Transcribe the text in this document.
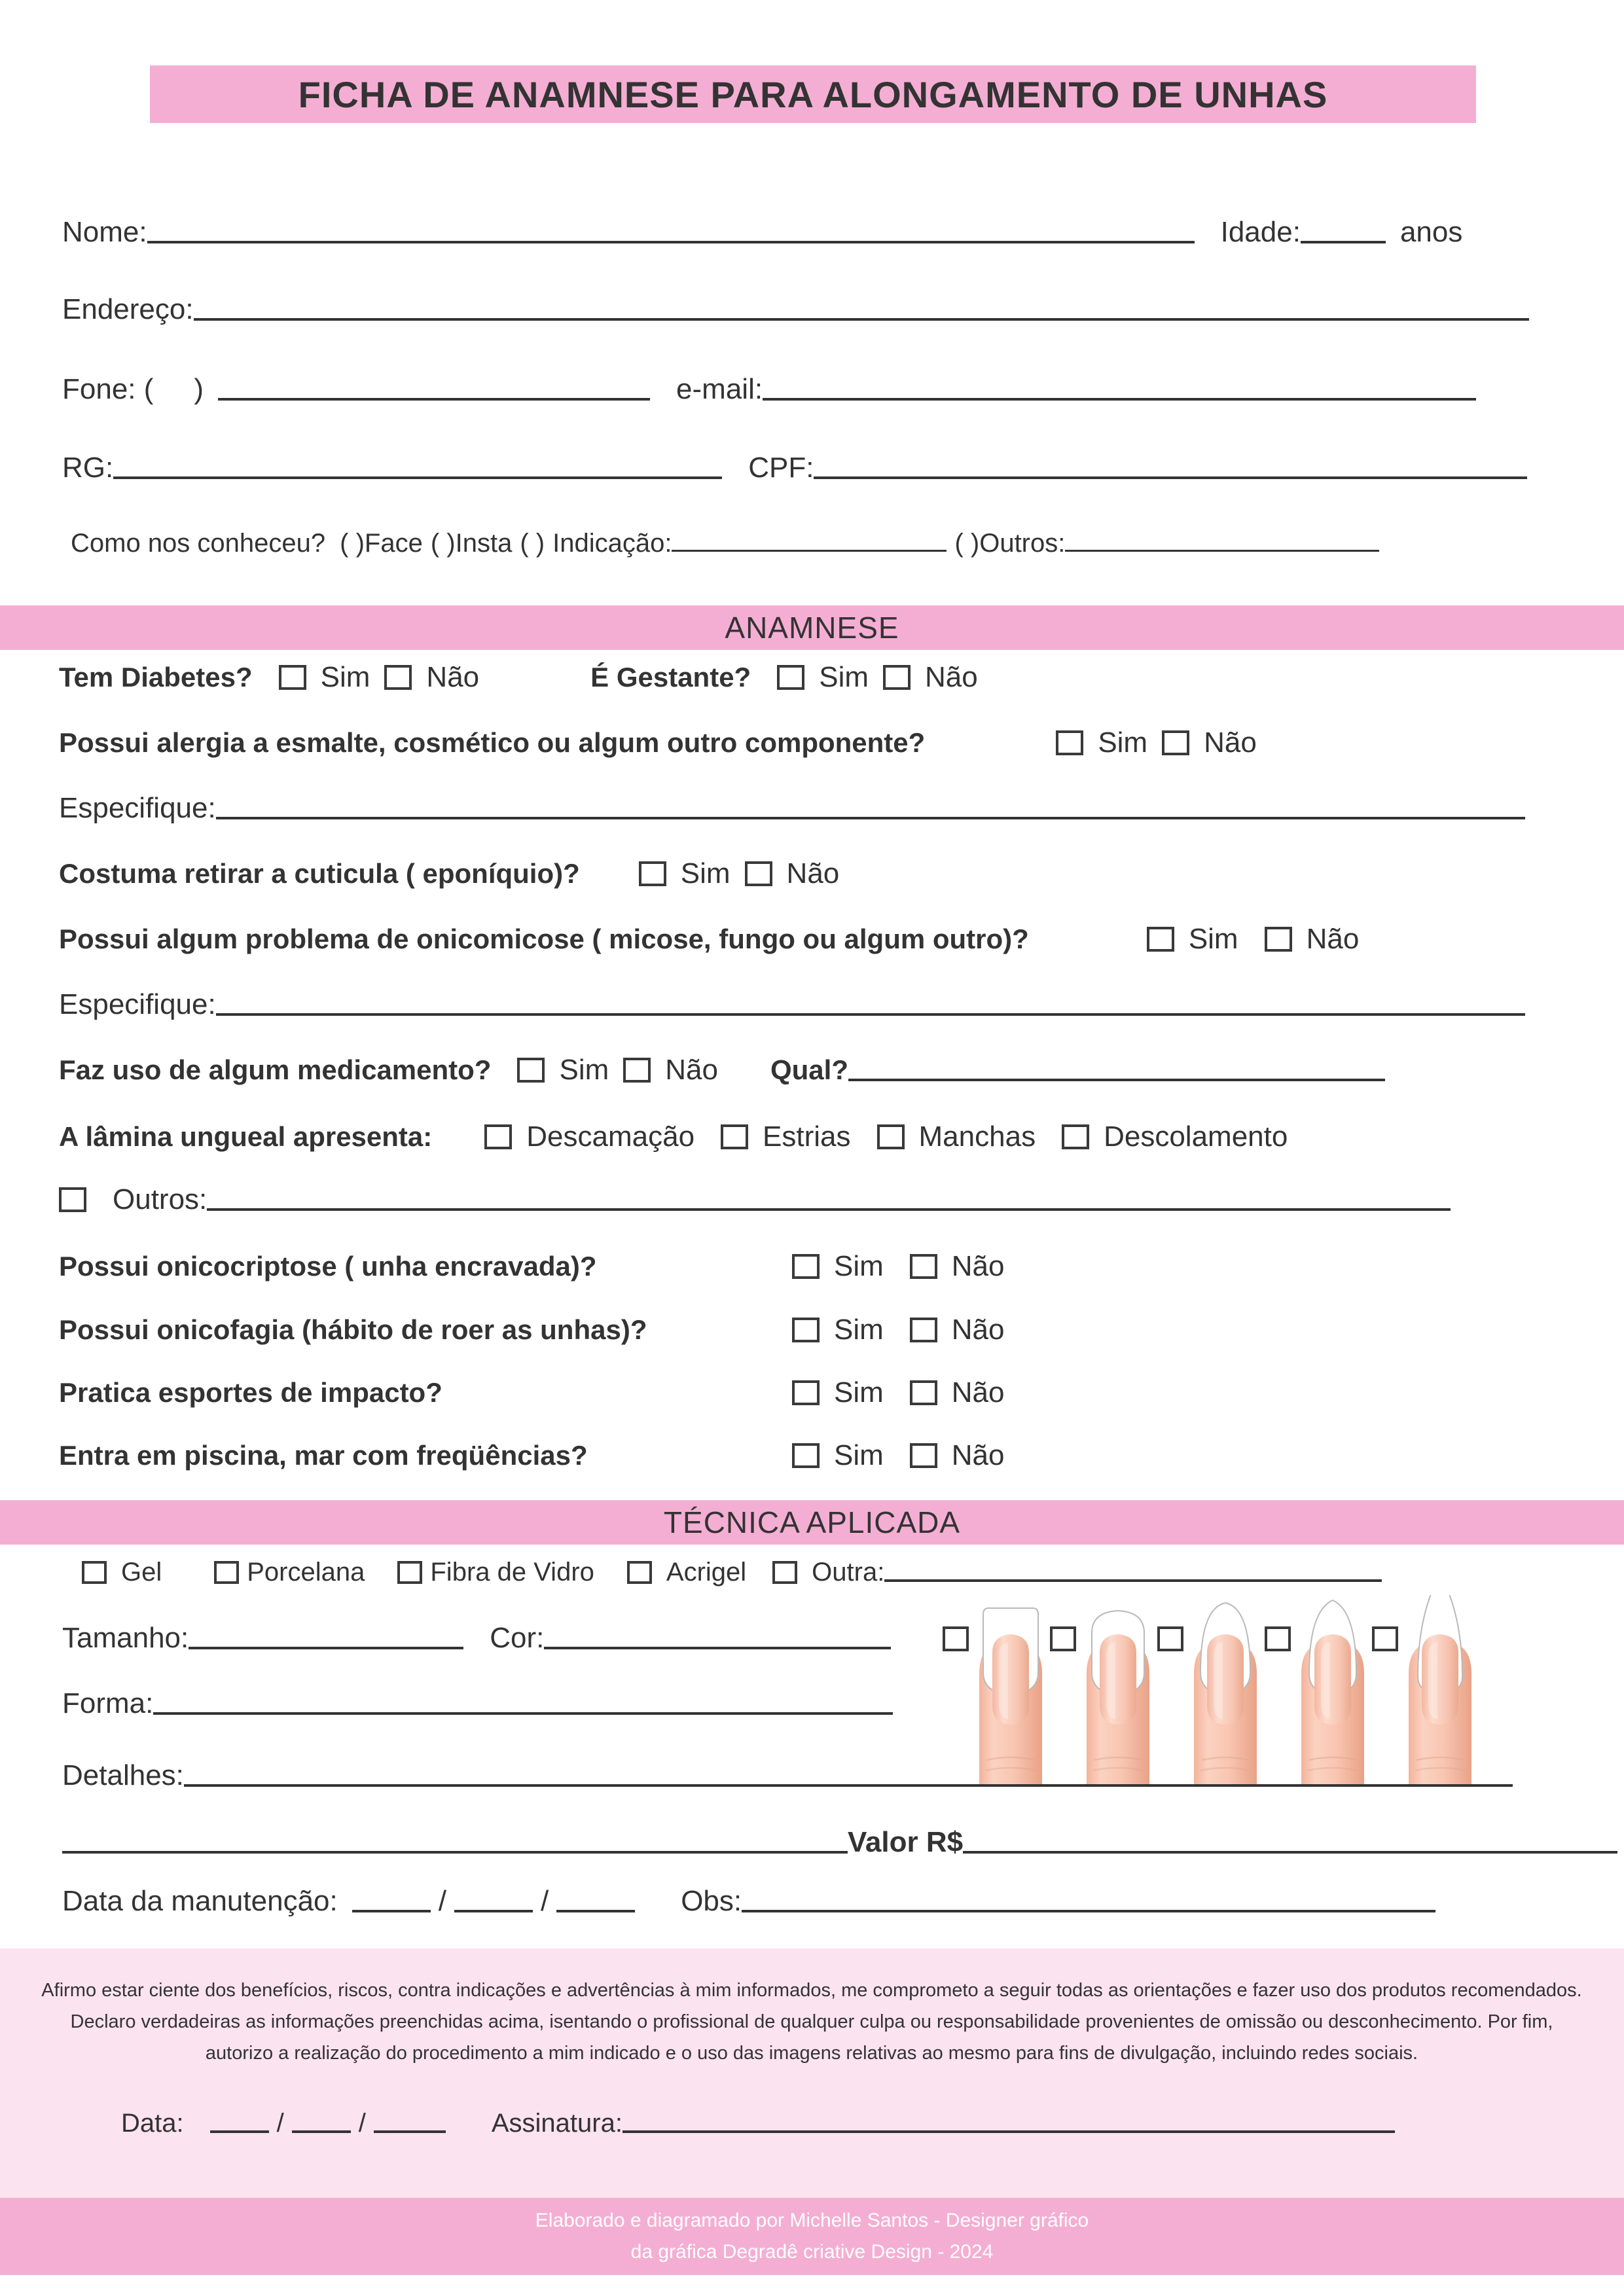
FICHA DE ANAMNESE PARA ALONGAMENTO DE UNHAS
Nome:	Idade:	anos
Endereço:
Fone: ( )	e-mail:
RG:	CPF:
Como nos conheceu? ( ) Face ( ) Insta ( ) Indicação:	( ) Outros:
ANAMNESE
Tem Diabetes? Sim Não	É Gestante? Sim Não
Possui alergia a esmalte, cosmético ou algum outro componente?	Sim Não
Especifique:
Costuma retirar a cuticula ( eponíquio)?	Sim Não
Possui algum problema de onicomicose ( micose, fungo ou algum outro)?	Sim Não
Especifique:
Faz uso de algum medicamento? Sim Não Qual?
A lâmina ungueal apresenta:	Descamação Estrias Manchas Descolamento
Outros:
Possui onicocriptose ( unha encravada)?	Sim Não
Possui onicofagia (hábito de roer as unhas)?	Sim Não
Pratica esportes de impacto?	Sim Não
Entra em piscina, mar com freqüências?	Sim Não
TÉCNICA APLICADA
Gel	Porcelana	Fibra de Vidro	Acrigel	Outra:
Tamanho:	Cor:
Forma:
Detalhes:
Valor R$
Data da manutenção:	/	/	Obs:
Afirmo estar ciente dos benefícios, riscos, contra indicações e advertências à mim informados, me comprometo a seguir todas as orientações e fazer uso dos produtos recomendados. Declaro verdadeiras as informações preenchidas acima, isentando o profissional de qualquer culpa ou responsabilidade provenientes de omissão ou desconhecimento. Por fim, autorizo a realização do procedimento a mim indicado e o uso das imagens relativas ao mesmo para fins de divulgação, incluindo redes sociais.
Data:	/	/	Assinatura:
Elaborado e diagramado por Michelle Santos - Designer gráfico
da gráfica Degradê criative Design - 2024
